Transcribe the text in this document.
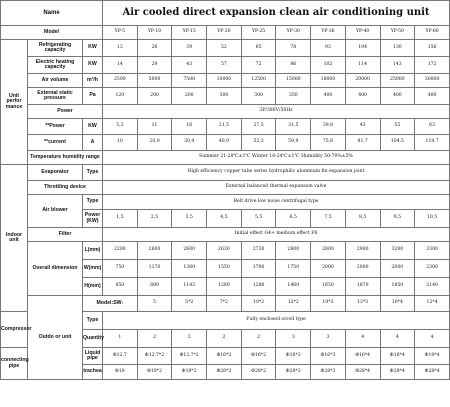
Name			Air cooled direct expansion clean air conditioning unit										
Model			YP-5	YP-10	YP-15	YP-20	YP-25	YP-30	YP-36	YP-40	YP-50	YP-60	
Unit perfor mance	Refrigerating capacity	KW	13	26	39	52	65	78	93	104	130	156	
	Electric heating capacity	KW	14	29	43	57	72	86	102	114	143	172	
	Air volume	m³/h	2500	5000	7500	10000	12500	15000	18000	20000	25000	30000	
	External static pressure	Pa	120	200	200	300	300	350	400	400	400	400	
	Power		3P/380V/50Hz										
	**Power	KW	5,3	11	16	21,5	27,5	31,5	39,8	43	55	63	
	**current	A	10	20,9	30,4	40,9	52,3	59,9	75,6	81,7	104,5	119,7	
	Temperature humidity range		Summer 21-28℃±1℃ Winter 18-24℃±1℃ Humidity 50-70%±5%										
Indoor unit	Evaporator	Type	High efficiency copper tube series hydrophilic aluminum fin expansion joint										
	Throttling device		External balanced thermal expansion valve										
	Air blower	Type	Belt drive low noise centrifugal type										
		Power (KW)	1,5	2,5	3,5	4,5	5,5	6,5	7,5	8,5	9,5	10,5	
	Filter		Initial effect G4+ medium effect F8										
	Overall dimension	L(mm)	2200	2600	2600	2630	2730	2800	2800	2900	3200	3300	
		W(mm)	750	1170	1360	1550	1700	1750	2000	2000	2000	2300	
		H(mm)	850	880	1143	1280	1280	1460	1650	1870	1850	2140	
	Outdo or unit	Model:SW-		5	5*2	7*2	10*2	12*2	10*3	12*3	10*4	12*4	
Compressor		Type	Fully enclosed scroll type										
		Quantity	1	2	2	2	2	3	3	4	4	4	
connecting pipe		Liquid pipe	Φ12,7	Φ12,7*2	Φ12,7*2	Φ16*2	Φ16*2	Φ16*3	Φ16*3	Φ16*4	Φ16*4	Φ19*4	
		trachea	Φ19	Φ19*2	Φ19*2	Φ28*2	Φ28*2	Φ28*3	Φ28*3	Φ28*4	Φ28*4	Φ28*4	
